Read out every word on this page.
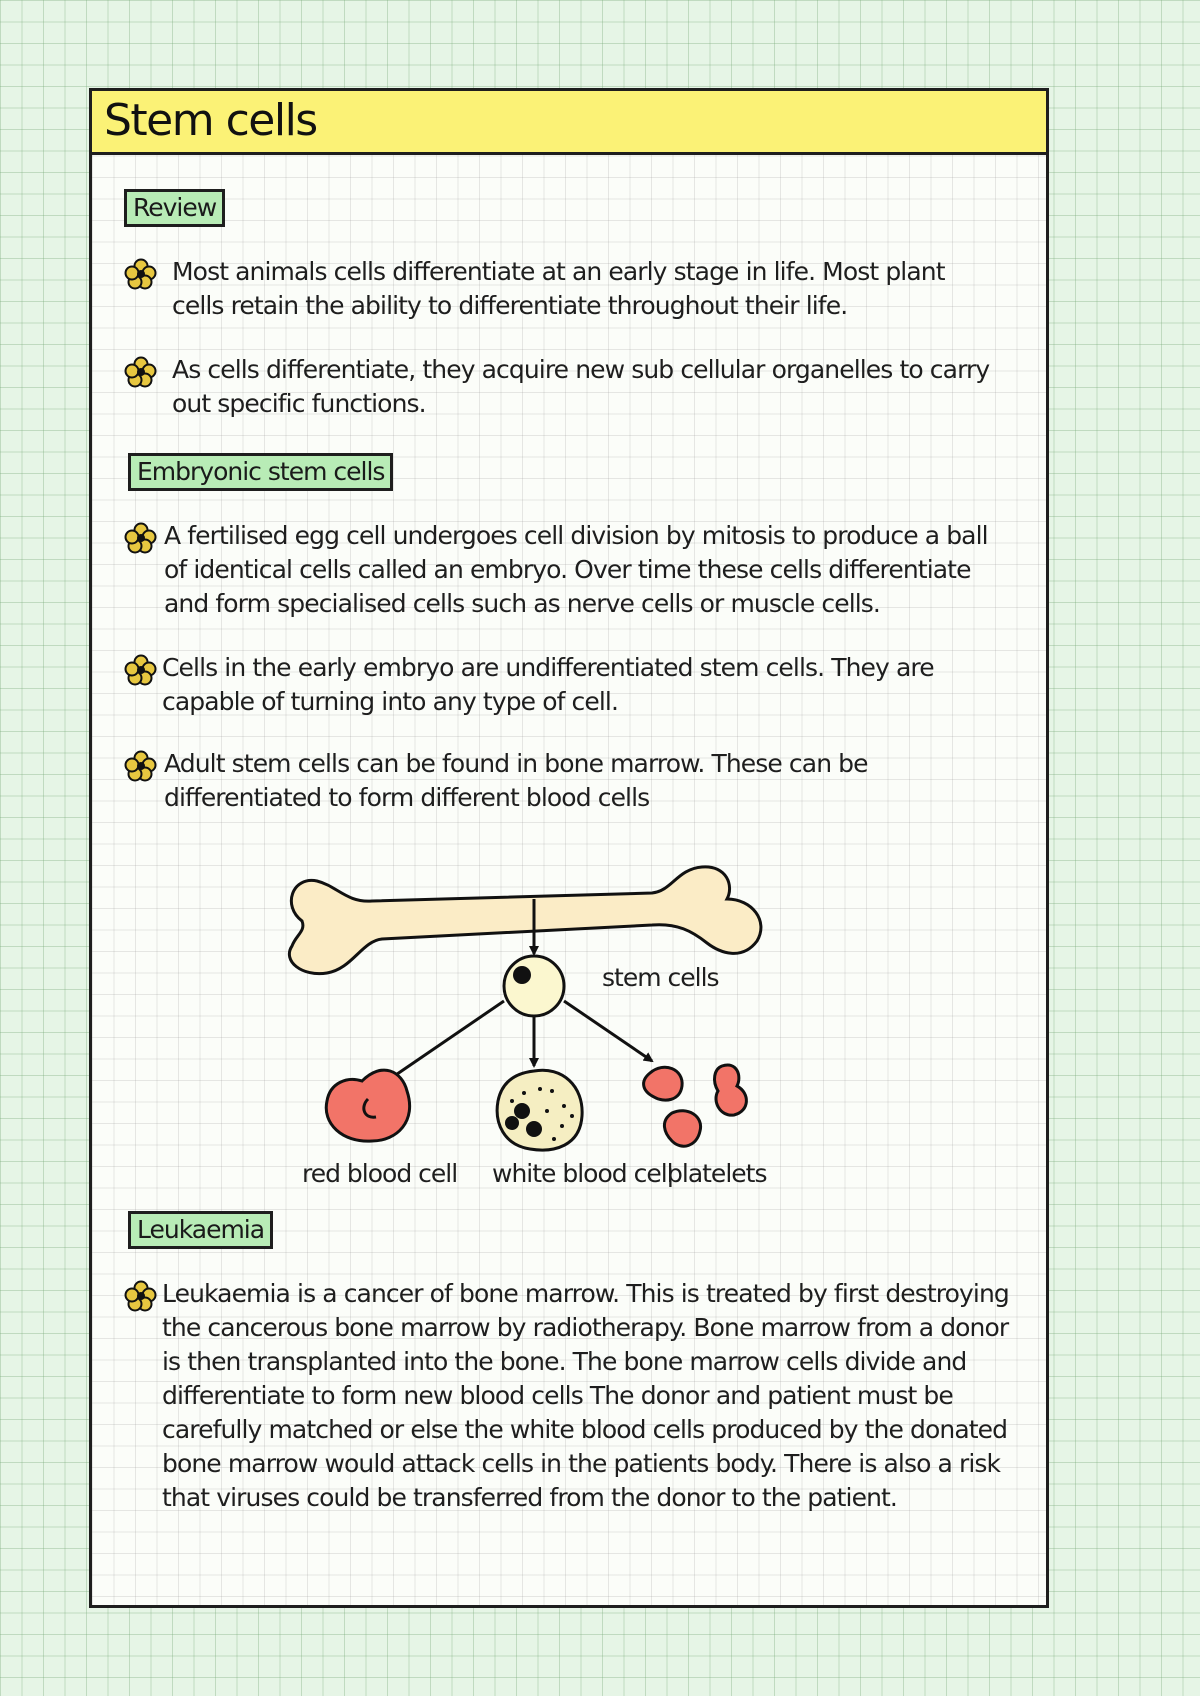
Stem cells
Review

Most animals cells differentiate at an early stage in life. Most plant cells retain the ability to differentiate throughout their life.

As cells differentiate, they acquire new sub cellular organelles to carry out specific functions.

Embryonic stem cells

A fertilised egg cell undergoes cell division by mitosis to produce a ball of identical cells called an embryo. Over time these cells differentiate and form specialised cells such as nerve cells or muscle cells.

Cells in the early embryo are undifferentiated stem cells. They are capable of turning into any type of cell.

Adult stem cells can be found in bone marrow. These can be differentiated to form different blood cells

stem cells
red blood cell white blood cell
platelets
Leukaemia

Leukaemia is a cancer of bone marrow. This is treated by first destroying the cancerous bone marrow by radiotherapy. Bone marrow from a donor is then transplanted into the bone. The bone marrow cells divide and differentiate to form new blood cells The donor and patient must be carefully matched or else the white blood cells produced by the donated bone marrow would attack cells in the patients body. There is also a risk that viruses could be transferred from the donor to the patient.
